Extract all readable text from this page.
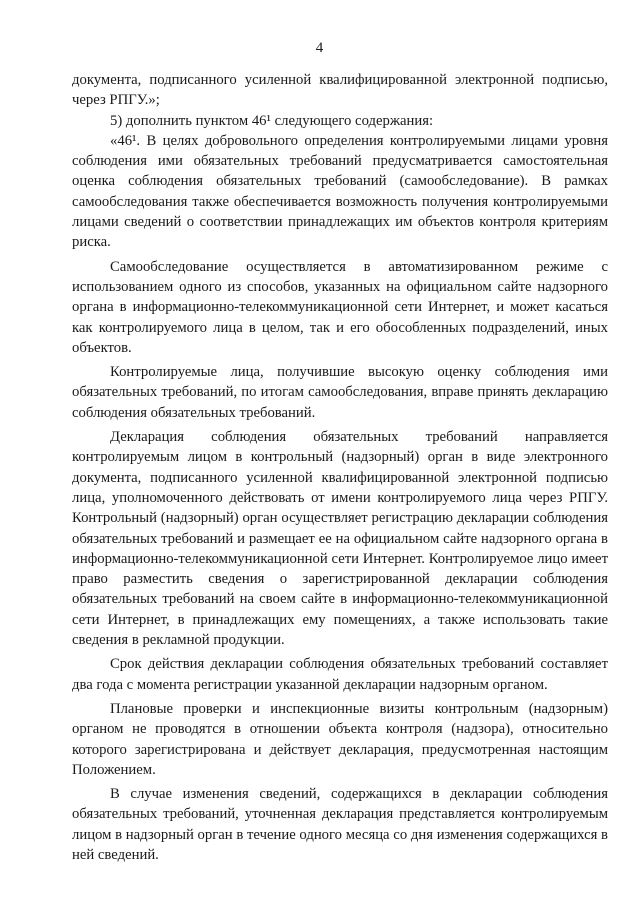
4

документа, подписанного усиленной квалифицированной электронной подписью, через РПГУ.»;

5) дополнить пунктом 46¹ следующего содержания:

«46¹. В целях добровольного определения контролируемыми лицами уровня соблюдения ими обязательных требований предусматривается самостоятельная оценка соблюдения обязательных требований (самообследование). В рамках самообследования также обеспечивается возможность получения контролируемыми лицами сведений о соответствии принадлежащих им объектов контроля критериям риска.

Самообследование осуществляется в автоматизированном режиме с использованием одного из способов, указанных на официальном сайте надзорного органа в информационно-телекоммуникационной сети Интернет, и может касаться как контролируемого лица в целом, так и его обособленных подразделений, иных объектов.

Контролируемые лица, получившие высокую оценку соблюдения ими обязательных требований, по итогам самообследования, вправе принять декларацию соблюдения обязательных требований.

Декларация соблюдения обязательных требований направляется контролируемым лицом в контрольный (надзорный) орган в виде электронного документа, подписанного усиленной квалифицированной электронной подписью лица, уполномоченного действовать от имени контролируемого лица через РПГУ. Контрольный (надзорный) орган осуществляет регистрацию декларации соблюдения обязательных требований и размещает ее на официальном сайте надзорного органа в информационно-телекоммуникационной сети Интернет. Контролируемое лицо имеет право разместить сведения о зарегистрированной декларации соблюдения обязательных требований на своем сайте в информационно-телекоммуникационной сети Интернет, в принадлежащих ему помещениях, а также использовать такие сведения в рекламной продукции.

Срок действия декларации соблюдения обязательных требований составляет два года с момента регистрации указанной декларации надзорным органом.

Плановые проверки и инспекционные визиты контрольным (надзорным) органом не проводятся в отношении объекта контроля (надзора), относительно которого зарегистрирована и действует декларация, предусмотренная настоящим Положением.

В случае изменения сведений, содержащихся в декларации соблюдения обязательных требований, уточненная декларация представляется контролируемым лицом в надзорный орган в течение одного месяца со дня изменения содержащихся в ней сведений.
